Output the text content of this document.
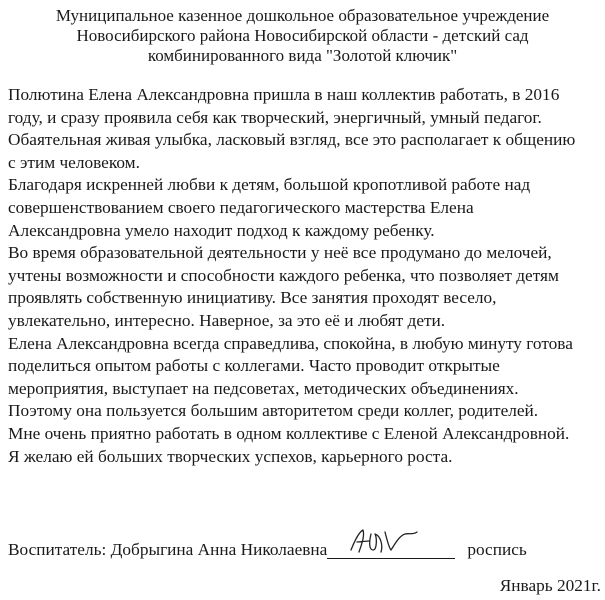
Муниципальное казенное дошкольное образовательное учреждение
Новосибирского района Новосибирской области - детский сад
комбинированного вида "Золотой ключик"
Полютина Елена Александровна пришла в наш коллектив работать, в 2016
году, и сразу проявила себя как творческий, энергичный, умный педагог.
Обаятельная живая улыбка, ласковый взгляд, все это располагает к общению
с этим человеком.
Благодаря искренней любви к детям, большой кропотливой работе над
совершенствованием своего педагогического мастерства Елена
Александровна умело находит подход к каждому ребенку.
Во время образовательной деятельности у неё все продумано до мелочей,
учтены возможности и способности каждого ребенка, что позволяет детям
проявлять собственную инициативу. Все занятия проходят весело,
увлекательно, интересно. Наверное, за это её и любят дети.
Елена Александровна всегда справедлива, спокойна, в любую минуту готова
поделиться опытом работы с коллегами. Часто проводит открытые
мероприятия, выступает на педсоветах, методических объединениях.
Поэтому она пользуется большим авторитетом среди коллег, родителей.
Мне очень приятно работать в одном коллективе с Еленой Александровной.
Я желаю ей больших творческих успехов, карьерного роста.
Воспитатель: Добрыгина Анна Николаевна	роспись
Январь 2021г.
